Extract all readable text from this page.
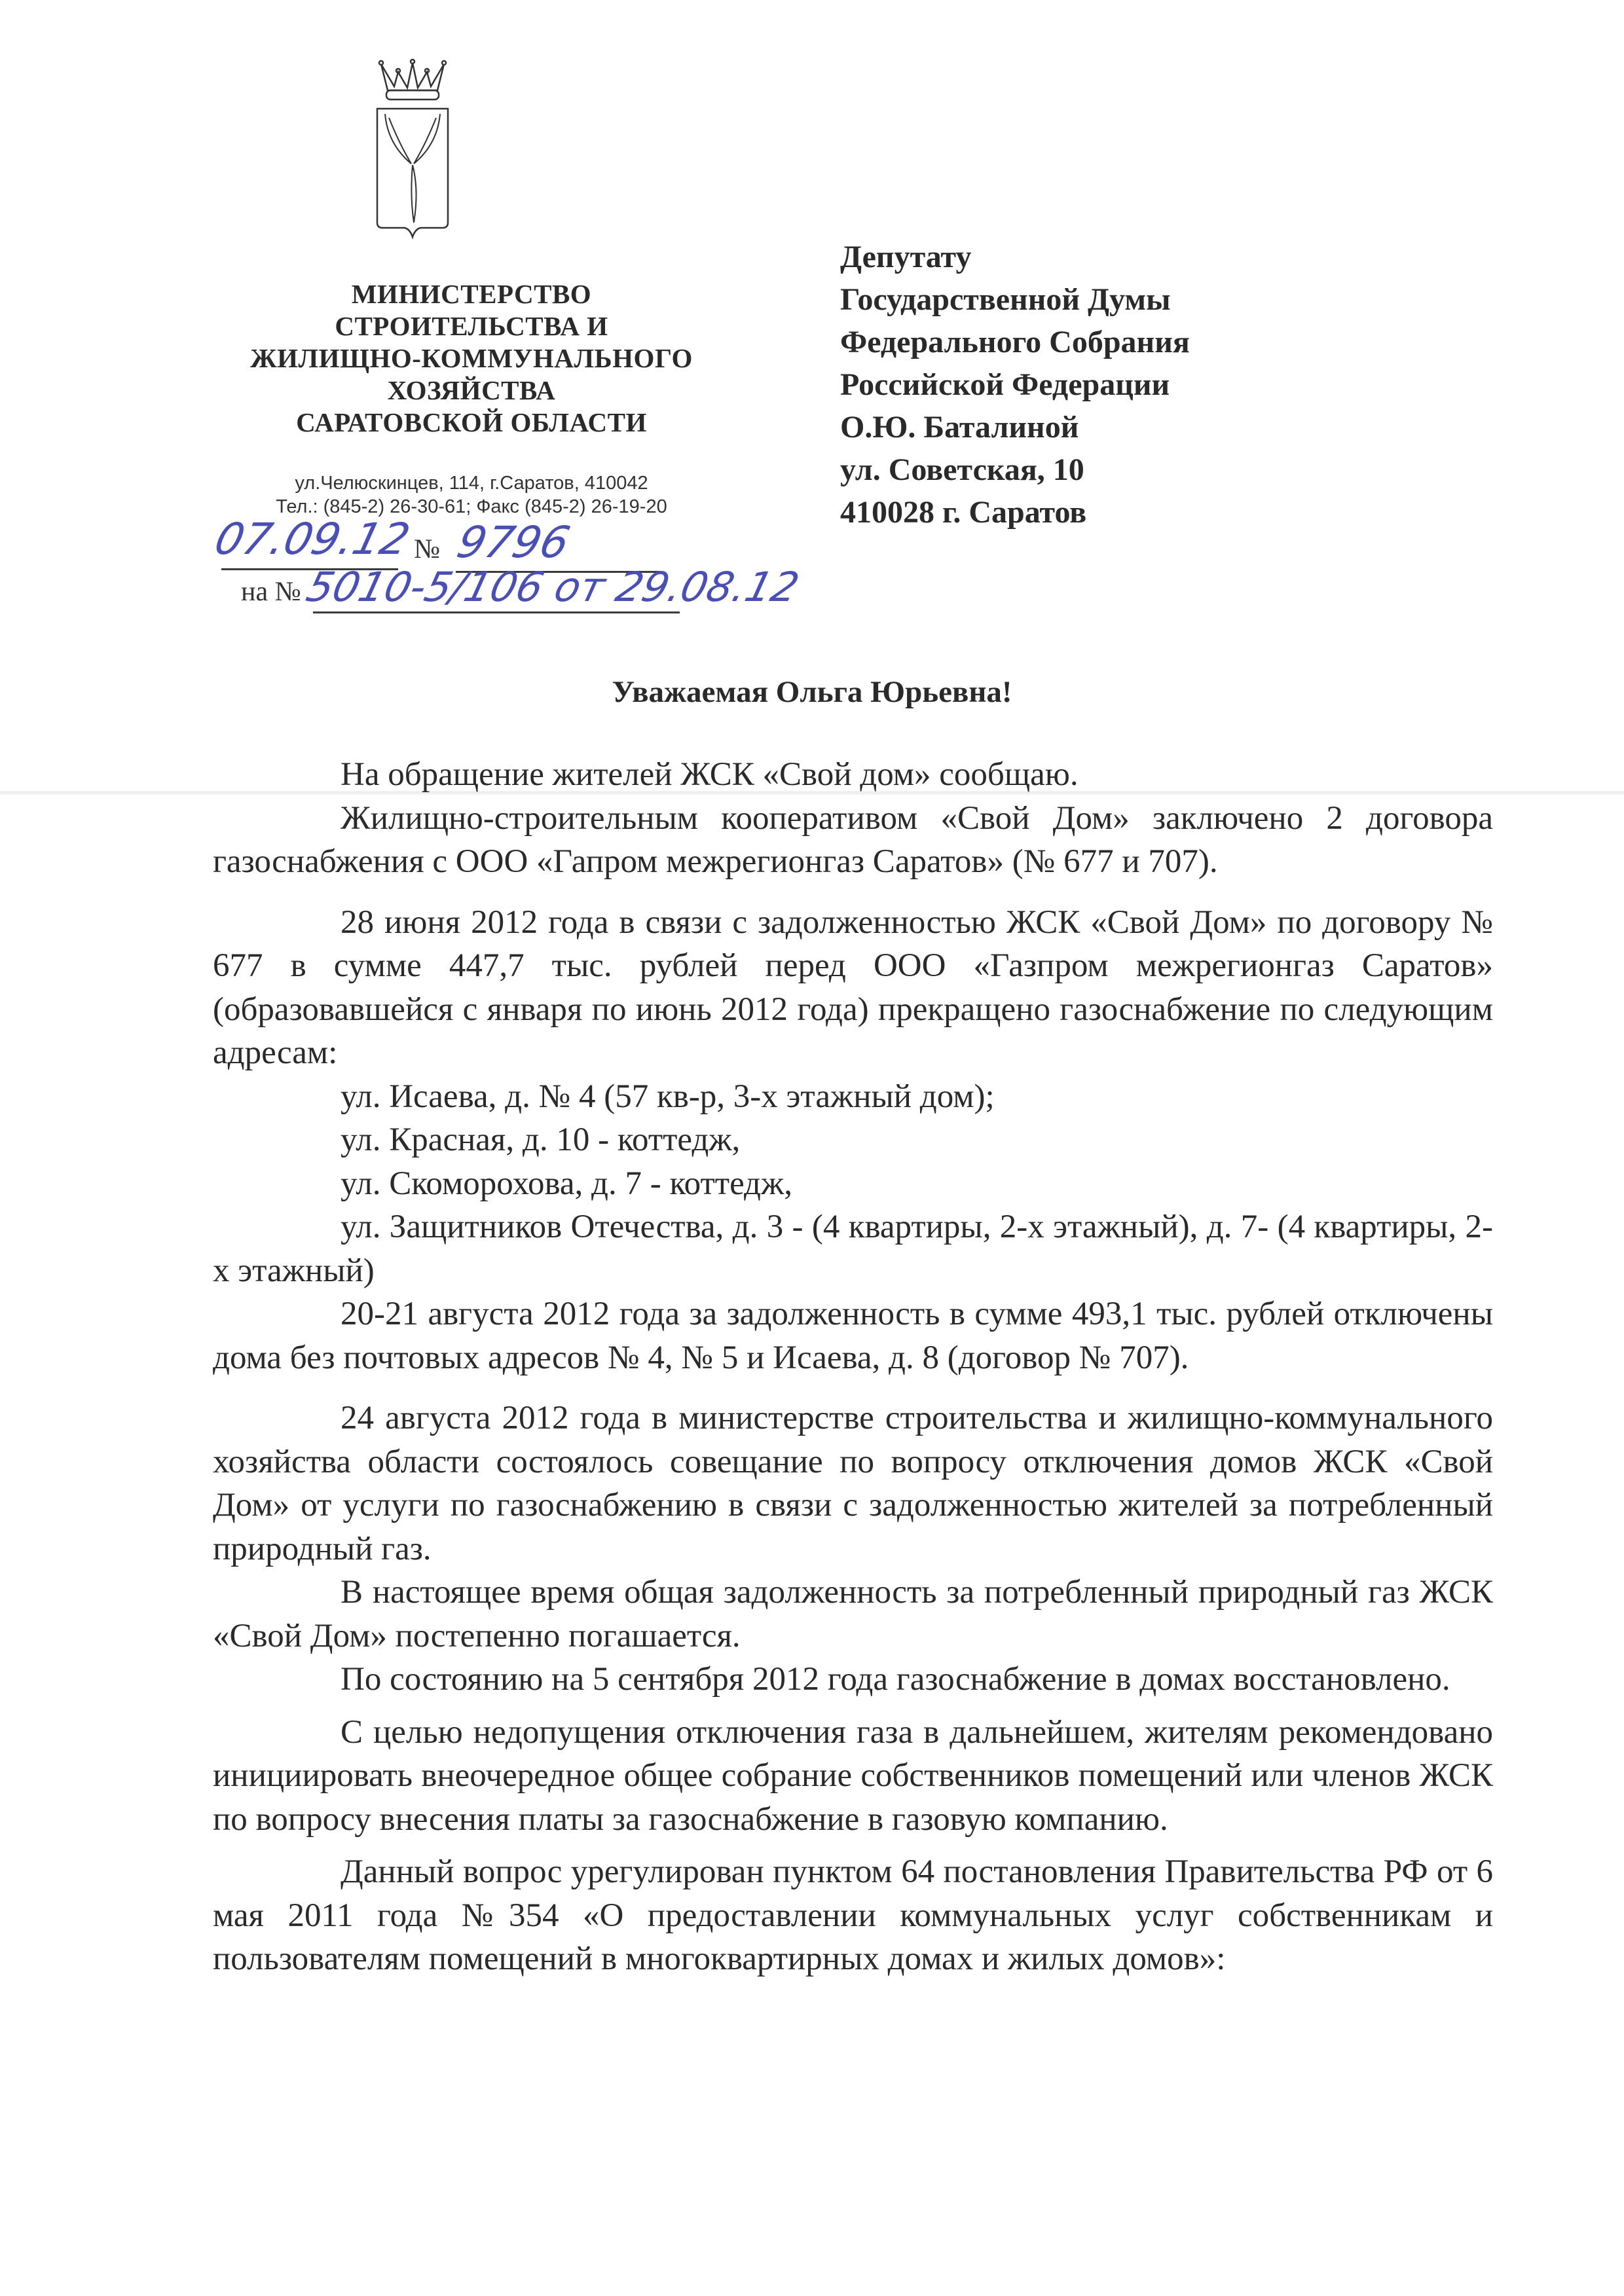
МИНИСТЕРСТВО
СТРОИТЕЛЬСТВА И
ЖИЛИЩНО-КОММУНАЛЬНОГО
ХОЗЯЙСТВА
САРАТОВСКОЙ ОБЛАСТИ
ул.Челюскинцев, 114, г.Саратов, 410042
Тел.: (845-2) 26-30-61; Факс (845-2) 26-19-20
07.09.12
№ 9796
на № 5010-5/106 от 29.08.12
Депутату
Государственной Думы
Федерального Собрания
Российской Федерации
О.Ю. Баталиной
ул. Советская, 10
410028 г. Саратов
Уважаемая Ольга Юрьевна!

На обращение жителей ЖСК «Свой дом» сообщаю.

Жилищно-строительным кооперативом «Свой Дом» заключено 2 договора газоснабжения с ООО «Гапром межрегионгаз Саратов» (№ 677 и 707).

28 июня 2012 года в связи с задолженностью ЖСК «Свой Дом» по договору № 677 в сумме 447,7 тыс. рублей перед ООО «Газпром межрегионгаз Саратов» (образовавшейся с января по июнь 2012 года) прекращено газоснабжение по следующим адресам:

ул. Исаева, д. № 4 (57 кв-р, 3-х этажный дом);

ул. Красная, д. 10 - коттедж,

ул. Скоморохова, д. 7 - коттедж,

ул. Защитников Отечества, д. 3 - (4 квартиры, 2-х этажный), д. 7- (4 квартиры, 2-х этажный)

20-21 августа 2012 года за задолженность в сумме 493,1 тыс. рублей отключены дома без почтовых адресов № 4, № 5 и Исаева, д. 8 (договор № 707).

24 августа 2012 года в министерстве строительства и жилищно-коммунального хозяйства области состоялось совещание по вопросу отключения домов ЖСК «Свой Дом» от услуги по газоснабжению в связи с задолженностью жителей за потребленный природный газ.

В настоящее время общая задолженность за потребленный природный газ ЖСК «Свой Дом» постепенно погашается.

По состоянию на 5 сентября 2012 года газоснабжение в домах восстановлено.

С целью недопущения отключения газа в дальнейшем, жителям рекомендовано инициировать внеочередное общее собрание собственников помещений или членов ЖСК по вопросу внесения платы за газоснабжение в газовую компанию.

Данный вопрос урегулирован пунктом 64 постановления Правительства РФ от 6 мая 2011 года №354 «О предоставлении коммунальных услуг собственникам и пользователям помещений в многоквартирных домах и жилых домов»:
